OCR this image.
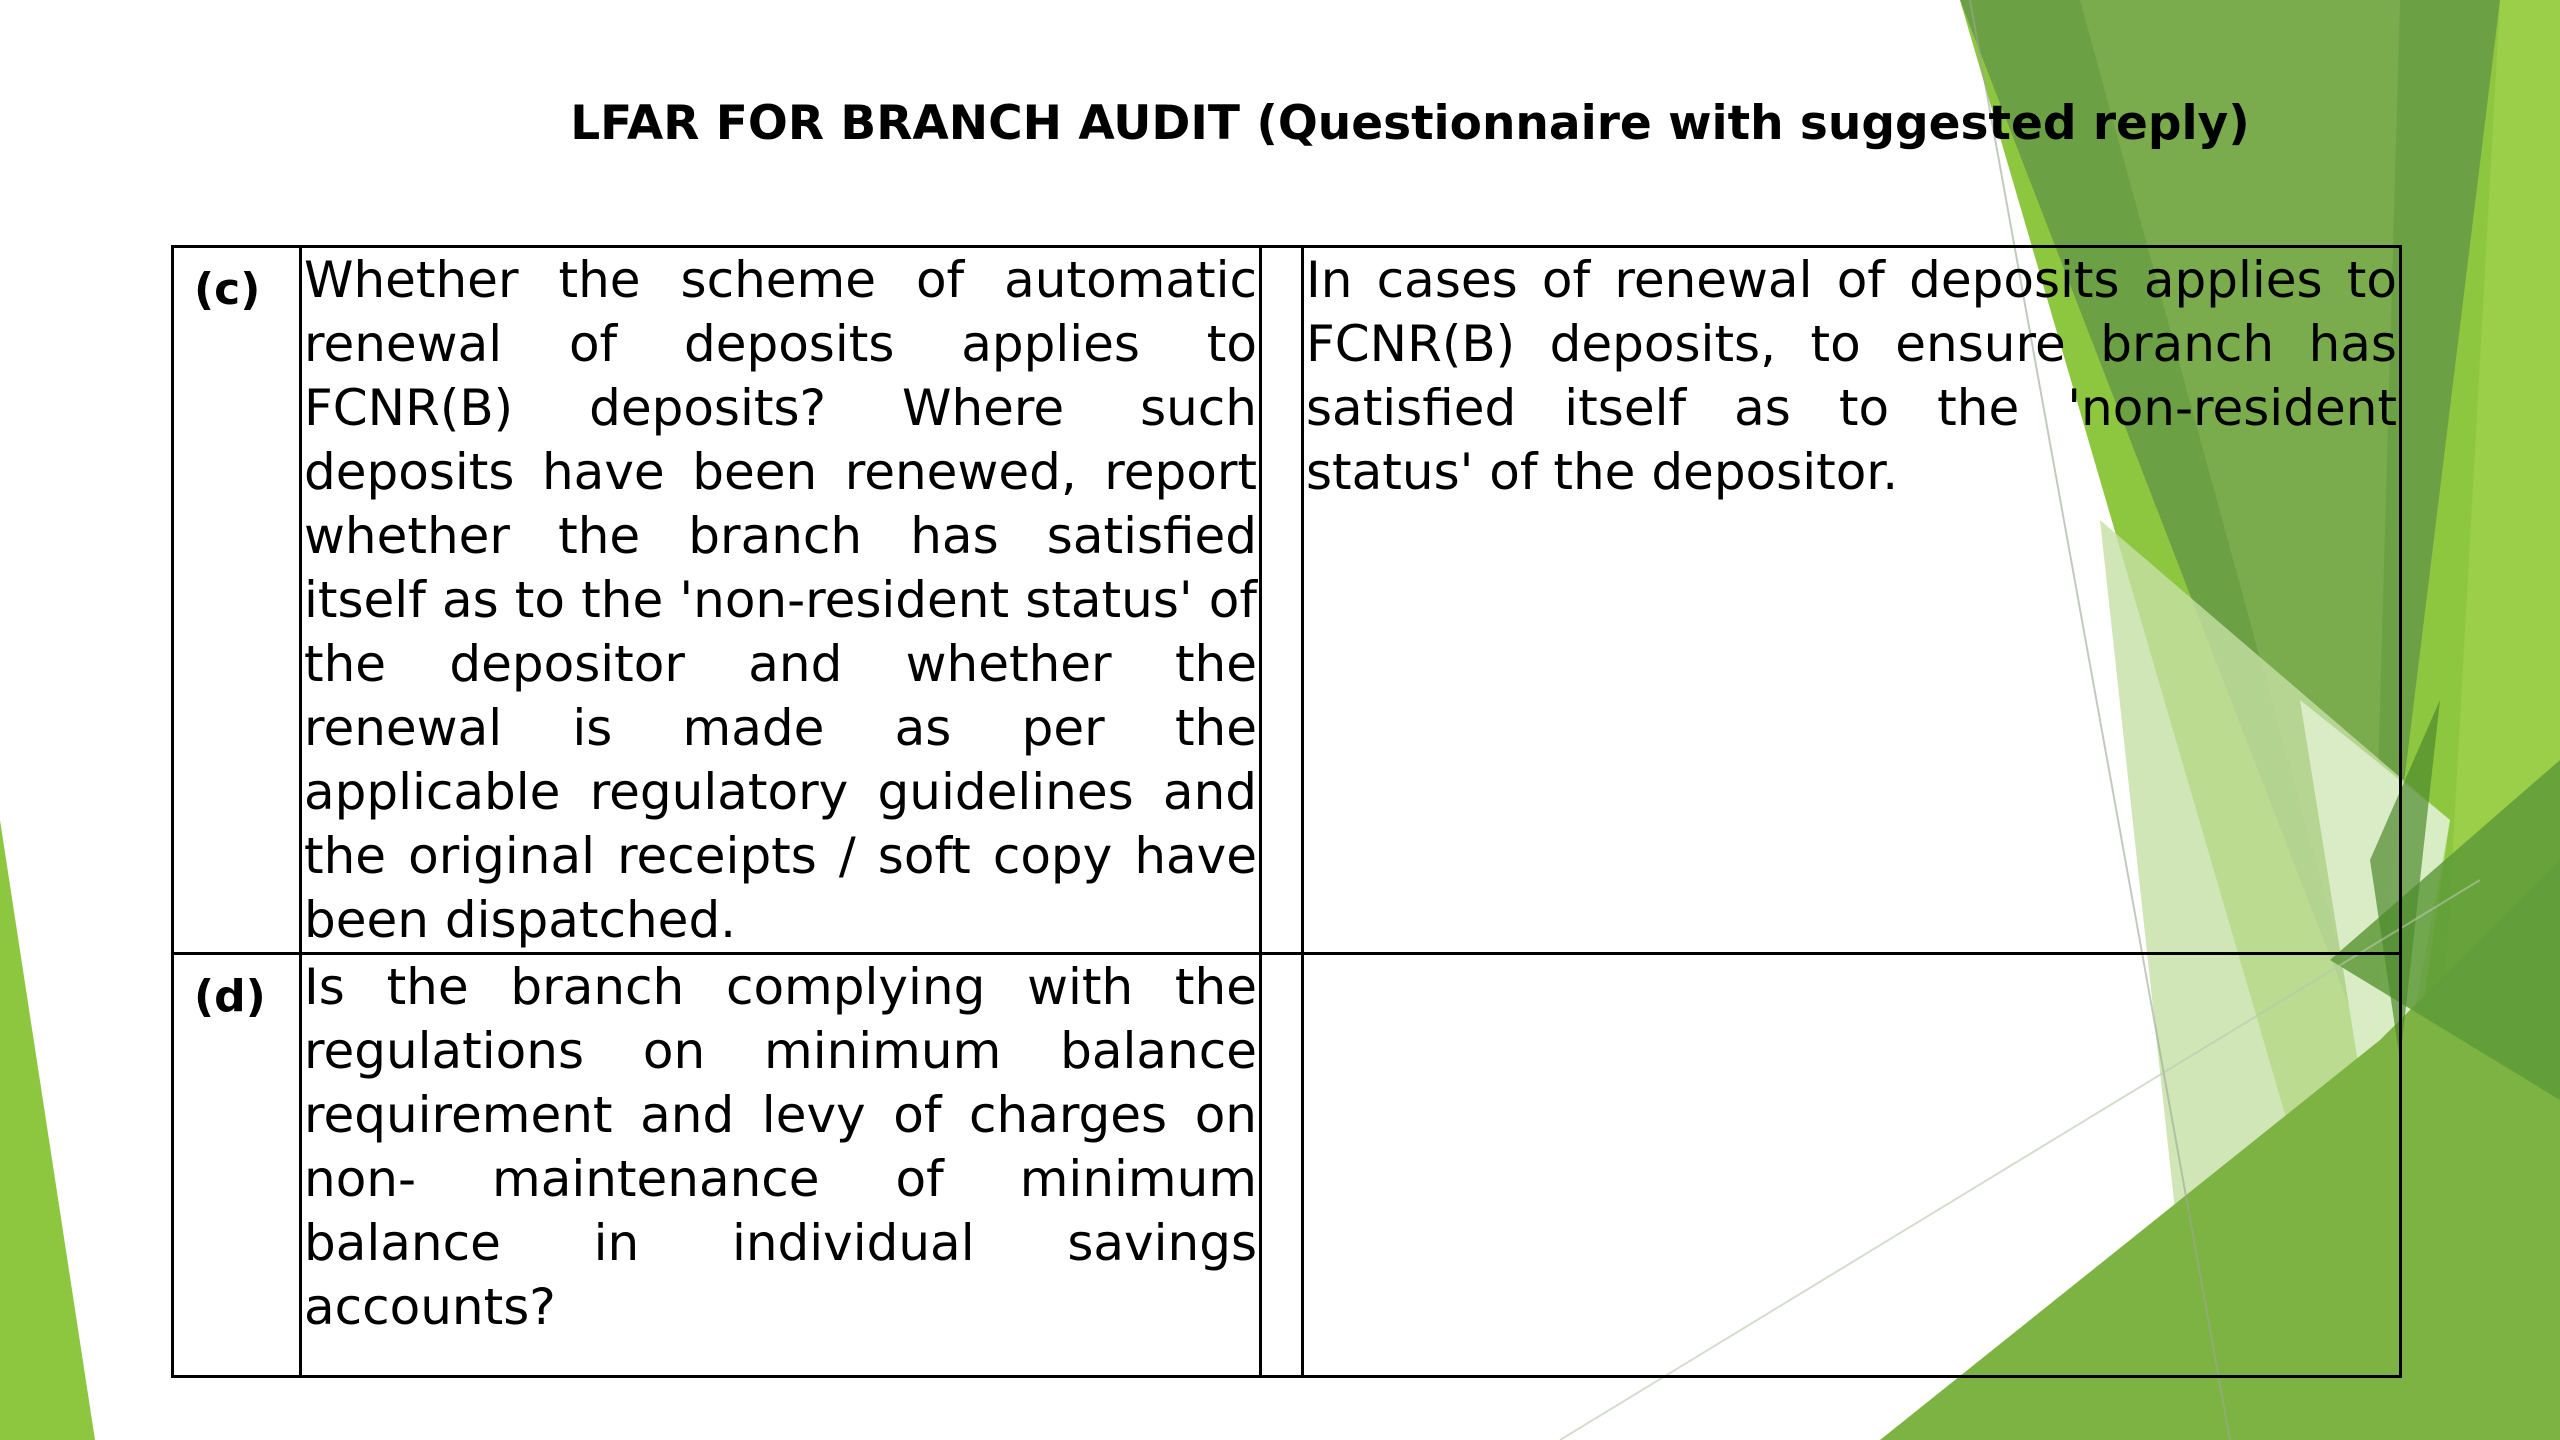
LFAR FOR BRANCH AUDIT (Questionnaire with suggested reply)
(c)	Whether the scheme of automatic renewal of deposits applies to FCNR(B) deposits? Where such deposits have been renewed, report whether the branch has satisfied itself as to the 'non-resident status' of the depositor and whether the renewal is made as per the applicable regulatory guidelines and the original receipts / soft copy have been dispatched.		In cases of renewal of deposits applies to FCNR(B) deposits, to ensure branch has satisfied itself as to the 'non-resident status' of the depositor.

(d)	Is the branch complying with the regulations on minimum balance requirement and levy of charges on non- maintenance of minimum balance in individual savings accounts?		
